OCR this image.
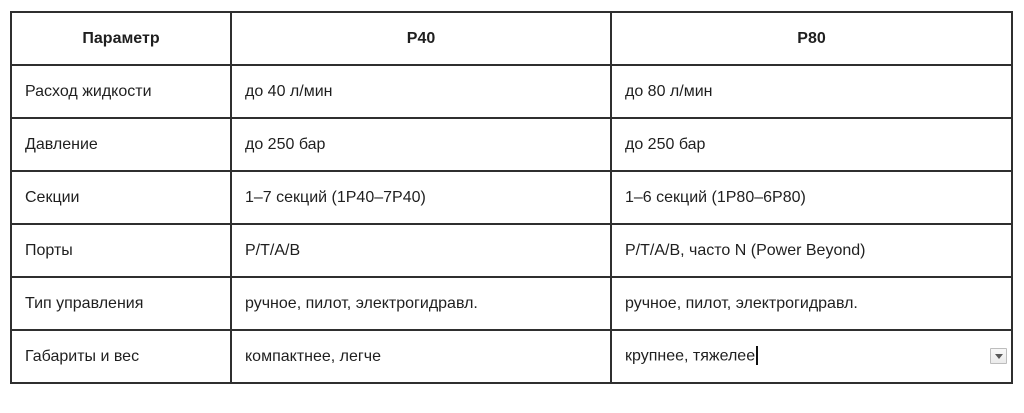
Параметр	P40	P80
Расход жидкости	до 40 л/мин	до 80 л/мин
Давление	до 250 бар	до 250 бар
Секции	1–7 секций (1P40–7P40)	1–6 секций (1P80–6P80)
Порты	P/T/A/B	P/T/A/B, часто N (Power Beyond)
Тип управления	ручное, пилот, электрогидравл.	ручное, пилот, электрогидравл.
Габариты и вес	компактнее, легче	крупнее, тяжелее
